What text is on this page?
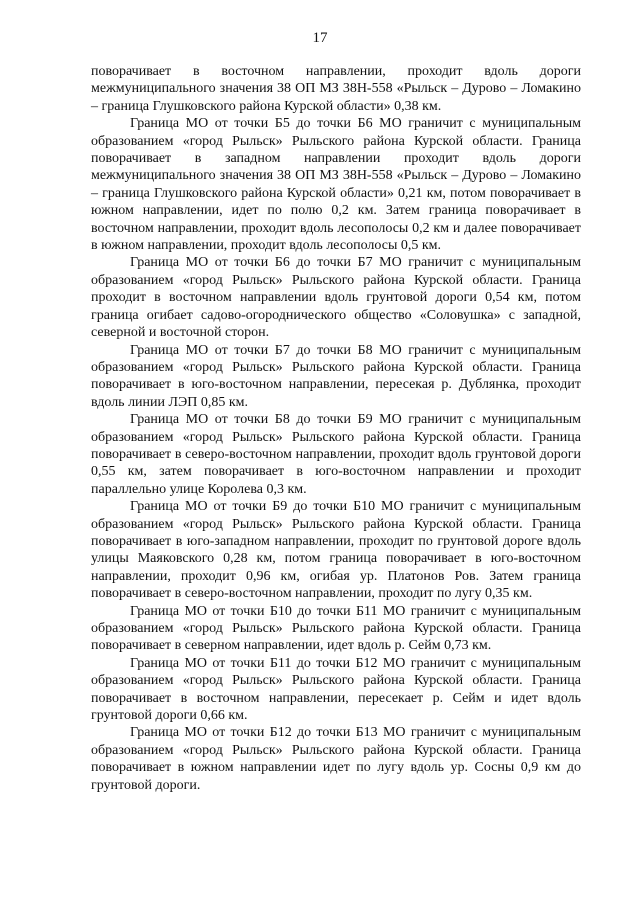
17

поворачивает в восточном направлении, проходит вдоль дороги межмуниципального значения 38 ОП МЗ 38Н-558 «Рыльск – Дурово – Ломакино – граница Глушковского района Курской области» 0,38 км.

Граница МО от точки Б5 до точки Б6 МО граничит с муниципальным образованием «город Рыльск» Рыльского района Курской области. Граница поворачивает в западном направлении проходит вдоль дороги межмуниципального значения 38 ОП МЗ 38Н-558 «Рыльск – Дурово – Ломакино – граница Глушковского района Курской области» 0,21 км, потом поворачивает в южном направлении, идет по полю 0,2 км. Затем граница поворачивает в восточном направлении, проходит вдоль лесополосы 0,2 км и далее поворачивает в южном направлении, проходит вдоль лесополосы 0,5 км.

Граница МО от точки Б6 до точки Б7 МО граничит с муниципальным образованием «город Рыльск» Рыльского района Курской области. Граница проходит в восточном направлении вдоль грунтовой дороги 0,54 км, потом граница огибает садово-огороднического общество «Соловушка» с западной, северной и восточной сторон.

Граница МО от точки Б7 до точки Б8 МО граничит с муниципальным образованием «город Рыльск» Рыльского района Курской области. Граница поворачивает в юго-восточном направлении, пересекая р. Дублянка, проходит вдоль линии ЛЭП 0,85 км.

Граница МО от точки Б8 до точки Б9 МО граничит с муниципальным образованием «город Рыльск» Рыльского района Курской области. Граница поворачивает в северо-восточном направлении, проходит вдоль грунтовой дороги 0,55 км, затем поворачивает в юго-восточном направлении и проходит параллельно улице Королева 0,3 км.

Граница МО от точки Б9 до точки Б10 МО граничит с муниципальным образованием «город Рыльск» Рыльского района Курской области. Граница поворачивает в юго-западном направлении, проходит по грунтовой дороге вдоль улицы Маяковского 0,28 км, потом граница поворачивает в юго-восточном направлении, проходит 0,96 км, огибая ур. Платонов Ров. Затем граница поворачивает в северо-восточном направлении, проходит по лугу 0,35 км.

Граница МО от точки Б10 до точки Б11 МО граничит с муниципальным образованием «город Рыльск» Рыльского района Курской области. Граница поворачивает в северном направлении, идет вдоль р. Сейм 0,73 км.

Граница МО от точки Б11 до точки Б12 МО граничит с муниципальным образованием «город Рыльск» Рыльского района Курской области. Граница поворачивает в восточном направлении, пересекает р. Сейм и идет вдоль грунтовой дороги 0,66 км.

Граница МО от точки Б12 до точки Б13 МО граничит с муниципальным образованием «город Рыльск» Рыльского района Курской области. Граница поворачивает в южном направлении идет по лугу вдоль ур. Сосны 0,9 км до грунтовой дороги.
